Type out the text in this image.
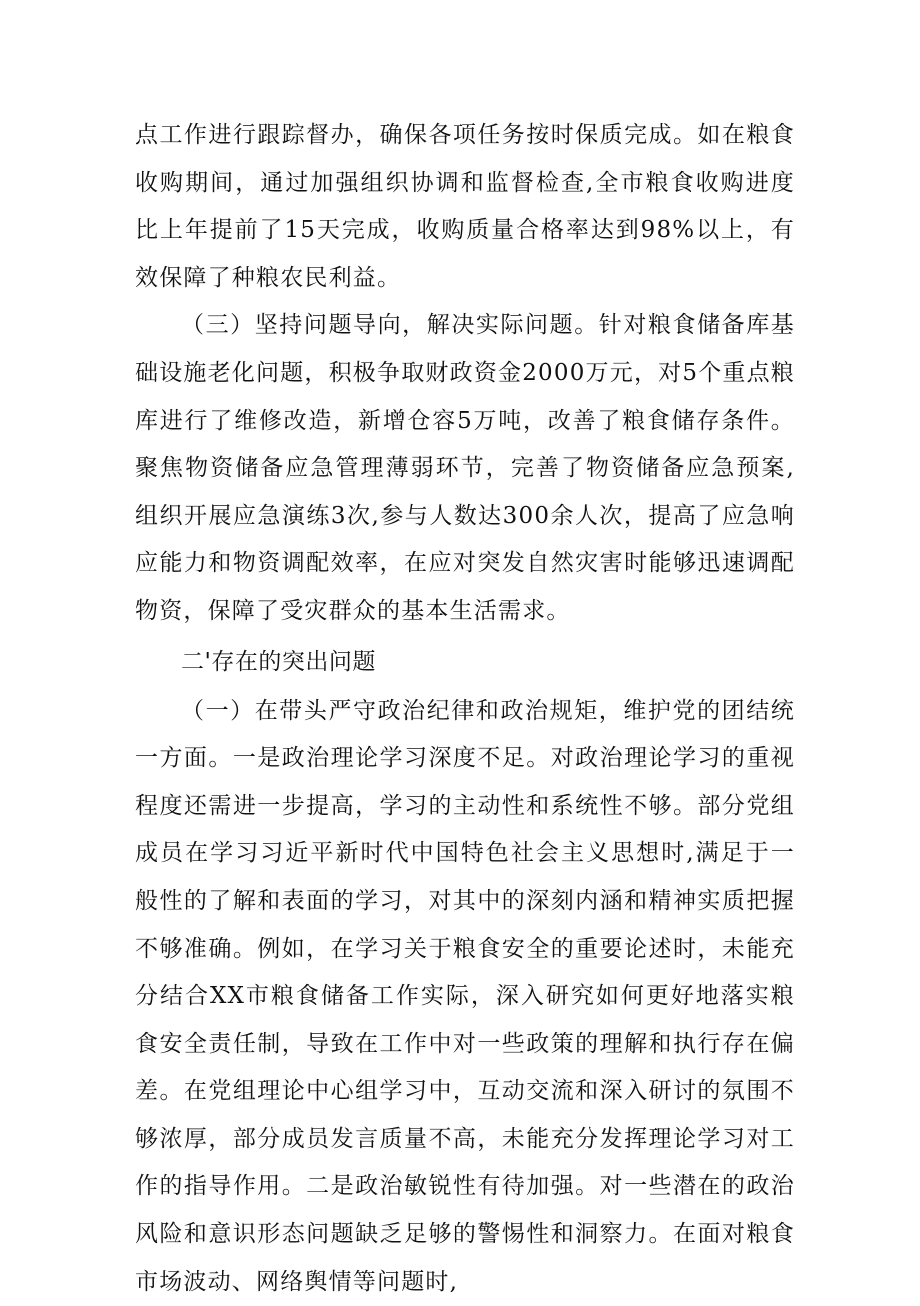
点工作进行跟踪督办，确保各项任务按时保质完成。如在粮食收购期间，通过加强组织协调和监督检查,全市粮食收购进度比上年提前了15天完成，收购质量合格率达到98%以上，有效保障了种粮农民利益。

（三）坚持问题导向，解决实际问题。针对粮食储备库基础设施老化问题，积极争取财政资金2000万元，对5个重点粮库进行了维修改造，新增仓容5万吨，改善了粮食储存条件。聚焦物资储备应急管理薄弱环节，完善了物资储备应急预案,组织开展应急演练3次,参与人数达300余人次，提高了应急响应能力和物资调配效率，在应对突发自然灾害时能够迅速调配物资，保障了受灾群众的基本生活需求。

二'存在的突出问题

（一）在带头严守政治纪律和政治规矩，维护党的团结统一方面。一是政治理论学习深度不足。对政治理论学习的重视程度还需进一步提高，学习的主动性和系统性不够。部分党组成员在学习习近平新时代中国特色社会主义思想时,满足于一般性的了解和表面的学习，对其中的深刻内涵和精神实质把握不够准确。例如，在学习关于粮食安全的重要论述时，未能充分结合XX市粮食储备工作实际，深入研究如何更好地落实粮食安全责任制，导致在工作中对一些政策的理解和执行存在偏差。在党组理论中心组学习中，互动交流和深入研讨的氛围不够浓厚，部分成员发言质量不高，未能充分发挥理论学习对工作的指导作用。二是政治敏锐性有待加强。对一些潜在的政治风险和意识形态问题缺乏足够的警惕性和洞察力。在面对粮食市场波动、网络舆情等问题时,
